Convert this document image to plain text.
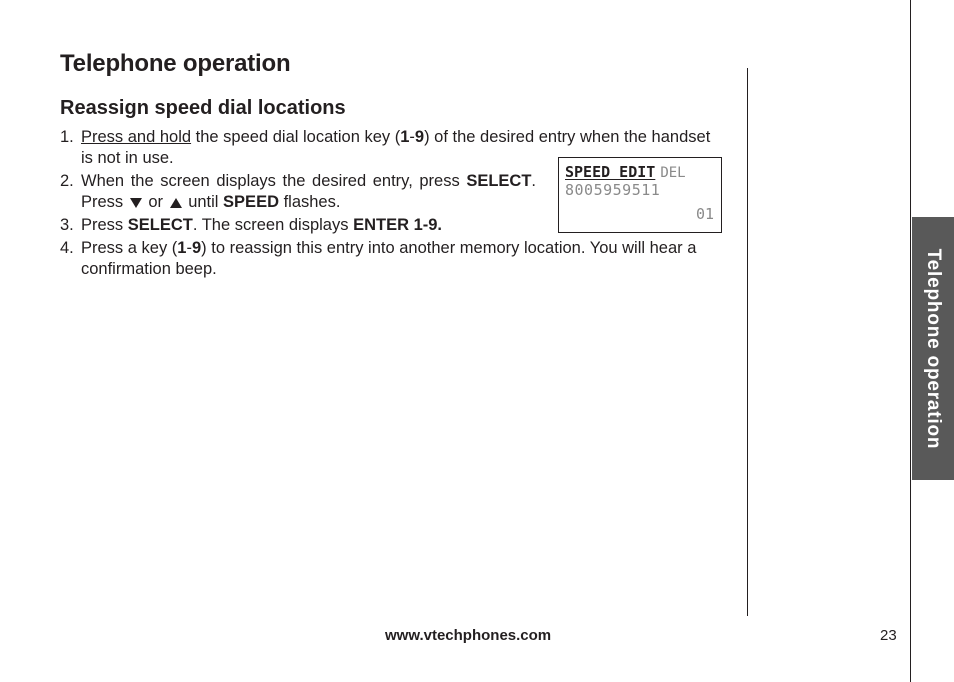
Telephone operation
Reassign speed dial locations
1. Press and hold the speed dial location key (1-9) of the desired entry when the handset is not in use.
2. When the screen displays the desired entry, press SELECT. Press  or  until SPEED flashes.
3. Press SELECT. The screen displays ENTER 1-9.
4. Press a key (1-9) to reassign this entry into another memory location. You will hear a confirmation beep.
SPEED EDIT DEL
8005959511
01
Telephone operation
www.vtechphones.com	23
